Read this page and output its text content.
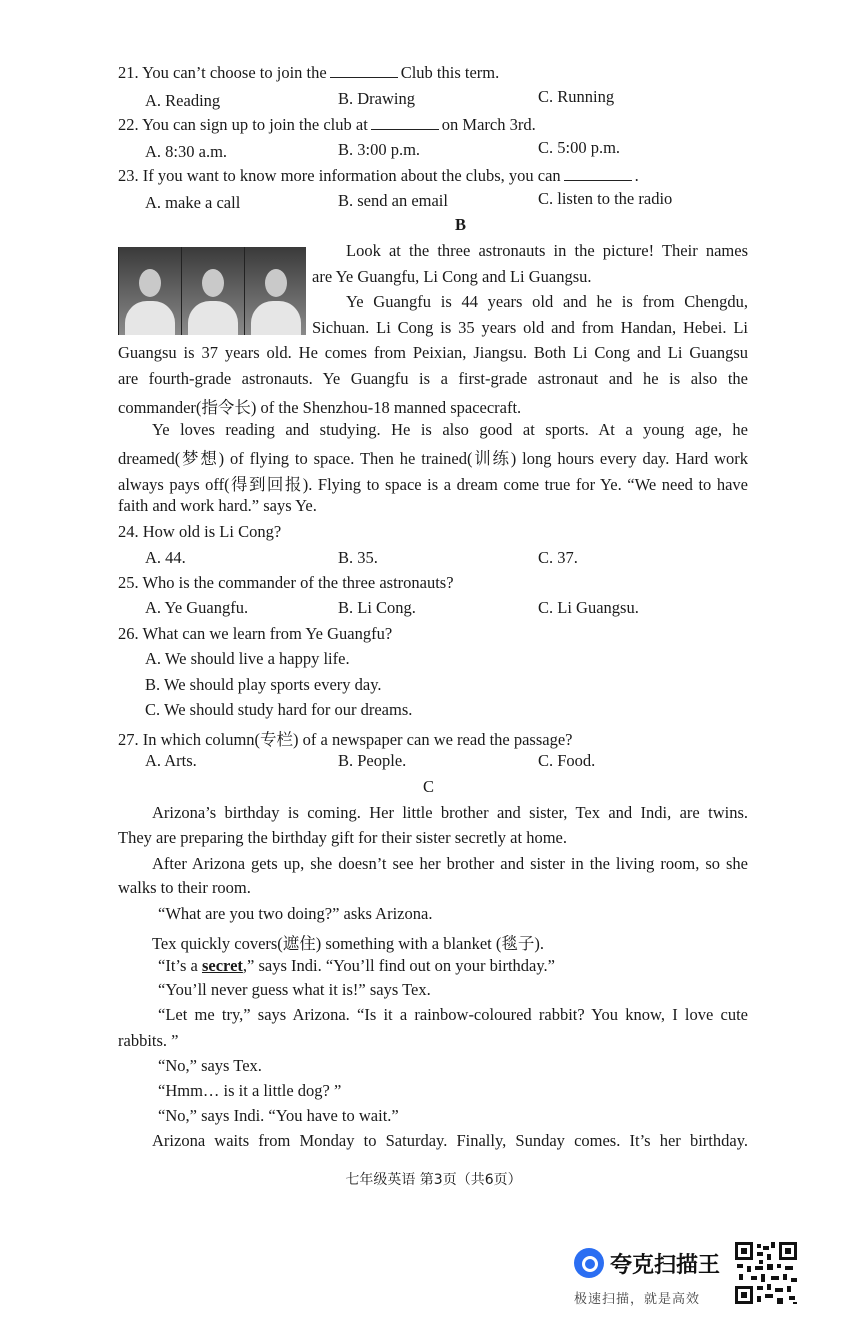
21. You can’t choose to join the	Club this term.
A. Reading	B. Drawing	C. Running
22. You can sign up to join the club at	on March 3rd.
A. 8:30 a.m.	B. 3:00 p.m.	C. 5:00 p.m.
23. If you want to know more information about the clubs, you can	.
A. make a call	B. send an email	C. listen to the radio
B
Look at the three astronauts in the picture! Their names
are Ye Guangfu, Li Cong and Li Guangsu.
Ye Guangfu is 44 years old and he is from Chengdu,
Sichuan. Li Cong is 35 years old and from Handan, Hebei. Li
Guangsu is 37 years old. He comes from Peixian, Jiangsu. Both Li Cong and Li Guangsu
are fourth-grade astronauts. Ye Guangfu is a first-grade astronaut and he is also the
commander(指令长) of the Shenzhou-18 manned spacecraft.
Ye loves reading and studying. He is also good at sports. At a young age, he
dreamed(梦想) of flying to space. Then he trained(训练) long hours every day. Hard work
always pays off(得到回报). Flying to space is a dream come true for Ye. “We need to have
faith and work hard.” says Ye.
24. How old is Li Cong?
A. 44.	B. 35.	C. 37.
25. Who is the commander of the three astronauts?
A. Ye Guangfu.	B. Li Cong.	C. Li Guangsu.
26. What can we learn from Ye Guangfu?
A. We should live a happy life.
B. We should play sports every day.
C. We should study hard for our dreams.
27. In which column(专栏) of a newspaper can we read the passage?
A. Arts.	B. People.	C. Food.
C
Arizona’s birthday is coming. Her little brother and sister, Tex and Indi, are twins.
They are preparing the birthday gift for their sister secretly at home.
After Arizona gets up, she doesn’t see her brother and sister in the living room, so she
walks to their room.
“What are you two doing?” asks Arizona.
Tex quickly covers(遮住) something with a blanket (毯子).
“It’s a secret,” says Indi. “You’ll find out on your birthday.”
“You’ll never guess what it is!” says Tex.
“Let me try,” says Arizona. “Is it a rainbow-coloured rabbit? You know, I love cute
rabbits. ”
“No,” says Tex.
“Hmm… is it a little dog? ”
“No,” says Indi. “You have to wait.”
Arizona waits from Monday to Saturday. Finally, Sunday comes. It’s her birthday.
七年级英语 第3页（共6页）
夸克扫描王
极速扫描，就是高效
